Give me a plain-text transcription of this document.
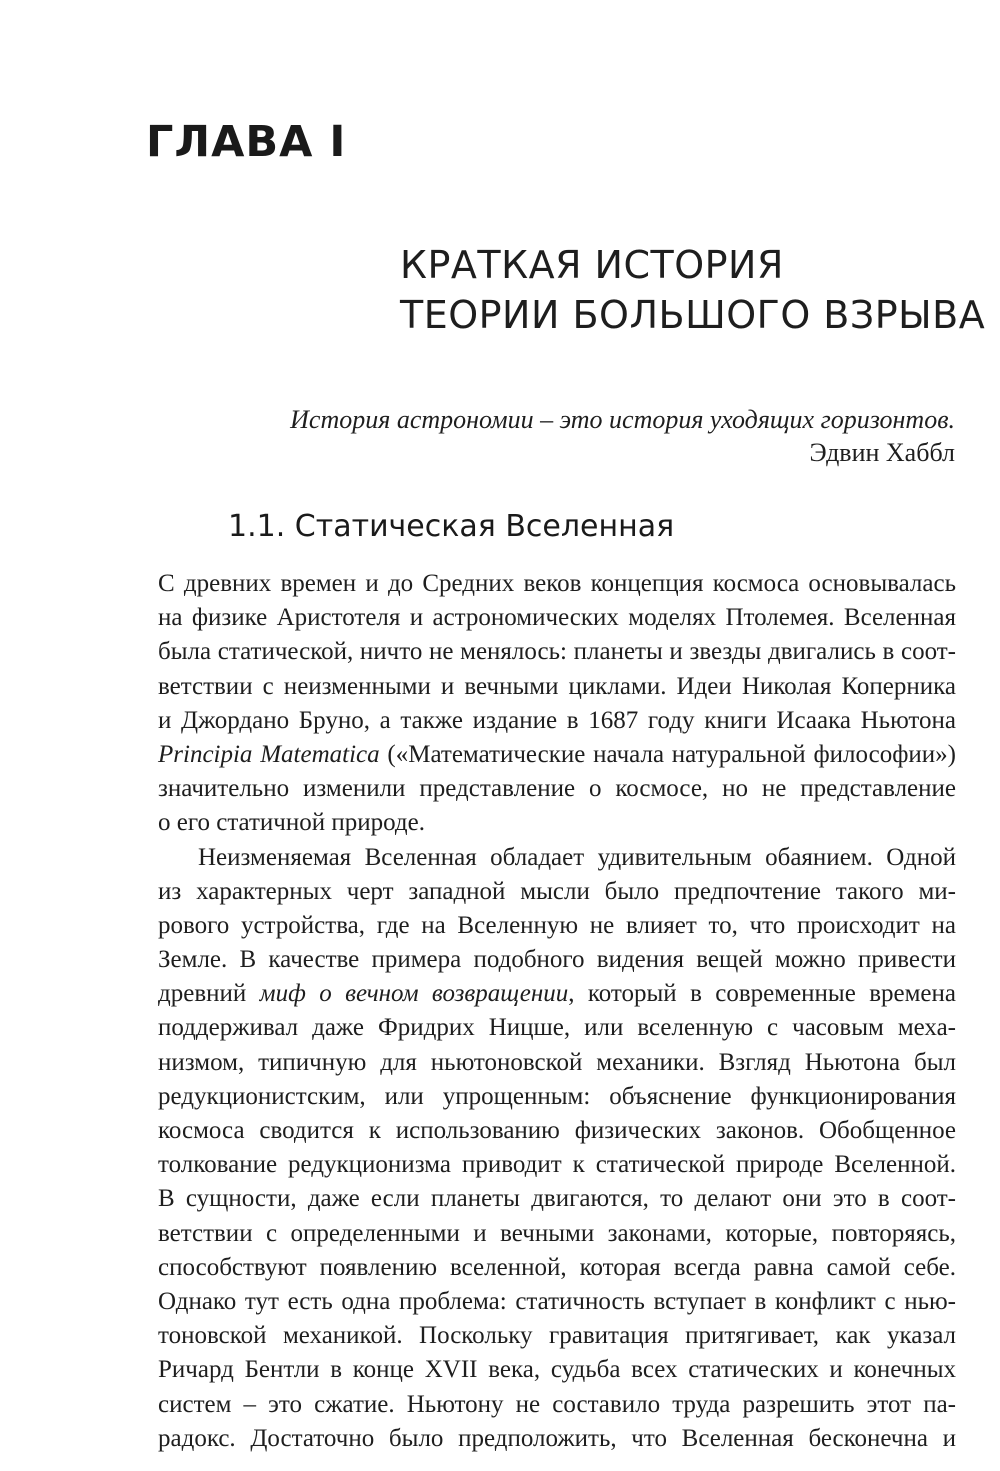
ГЛАВА I
КРАТКАЯ ИСТОРИЯ
ТЕОРИИ БОЛЬШОГО ВЗРЫВА
История астрономии – это история уходящих горизонтов.
Эдвин Хаббл
1.1. Статическая Вселенная
С древних времен и до Средних веков концепция космоса основывалась
на физике Аристотеля и астрономических моделях Птолемея. Вселенная
была статической, ничто не менялось: планеты и звезды двигались в соот-
ветствии с неизменными и вечными циклами. Идеи Николая Коперника
и Джордано Бруно, а также издание в 1687 году книги Исаака Ньютона
Principia Matematica («Математические начала натуральной философии»)
значительно изменили представление о космосе, но не представление
о его статичной природе.
Неизменяемая Вселенная обладает удивительным обаянием. Одной
из характерных черт западной мысли было предпочтение такого ми-
рового устройства, где на Вселенную не влияет то, что происходит на
Земле. В качестве примера подобного видения вещей можно привести
древний миф о вечном возвращении, который в современные времена
поддерживал даже Фридрих Ницше, или вселенную с часовым меха-
низмом, типичную для ньютоновской механики. Взгляд Ньютона был
редукционистским, или упрощенным: объяснение функционирования
космоса сводится к использованию физических законов. Обобщенное
толкование редукционизма приводит к статической природе Вселенной.
В сущности, даже если планеты двигаются, то делают они это в соот-
ветствии с определенными и вечными законами, которые, повторяясь,
способствуют появлению вселенной, которая всегда равна самой себе.
Однако тут есть одна проблема: статичность вступает в конфликт с нью-
тоновской механикой. Поскольку гравитация притягивает, как указал
Ричард Бентли в конце XVII века, судьба всех статических и конечных
систем – это сжатие. Ньютону не составило труда разрешить этот па-
радокс. Достаточно было предположить, что Вселенная бесконечна и
